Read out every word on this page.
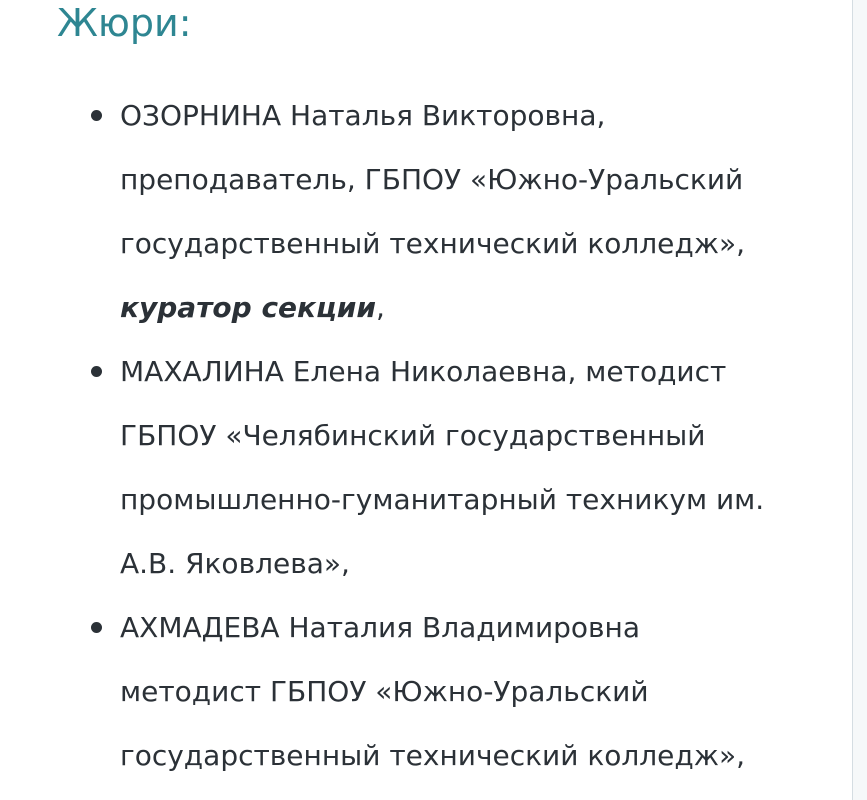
Жюри:
ОЗОРНИНА Наталья Викторовна,
преподаватель, ГБПОУ «Южно-Уральский
государственный технический колледж»,
куратор секции,
МАХАЛИНА Елена Николаевна, методист
ГБПОУ «Челябинский государственный
промышленно-гуманитарный техникум им.
А.В. Яковлева»,
АХМАДЕВА Наталия Владимировна
методист ГБПОУ «Южно-Уральский
государственный технический колледж»,
